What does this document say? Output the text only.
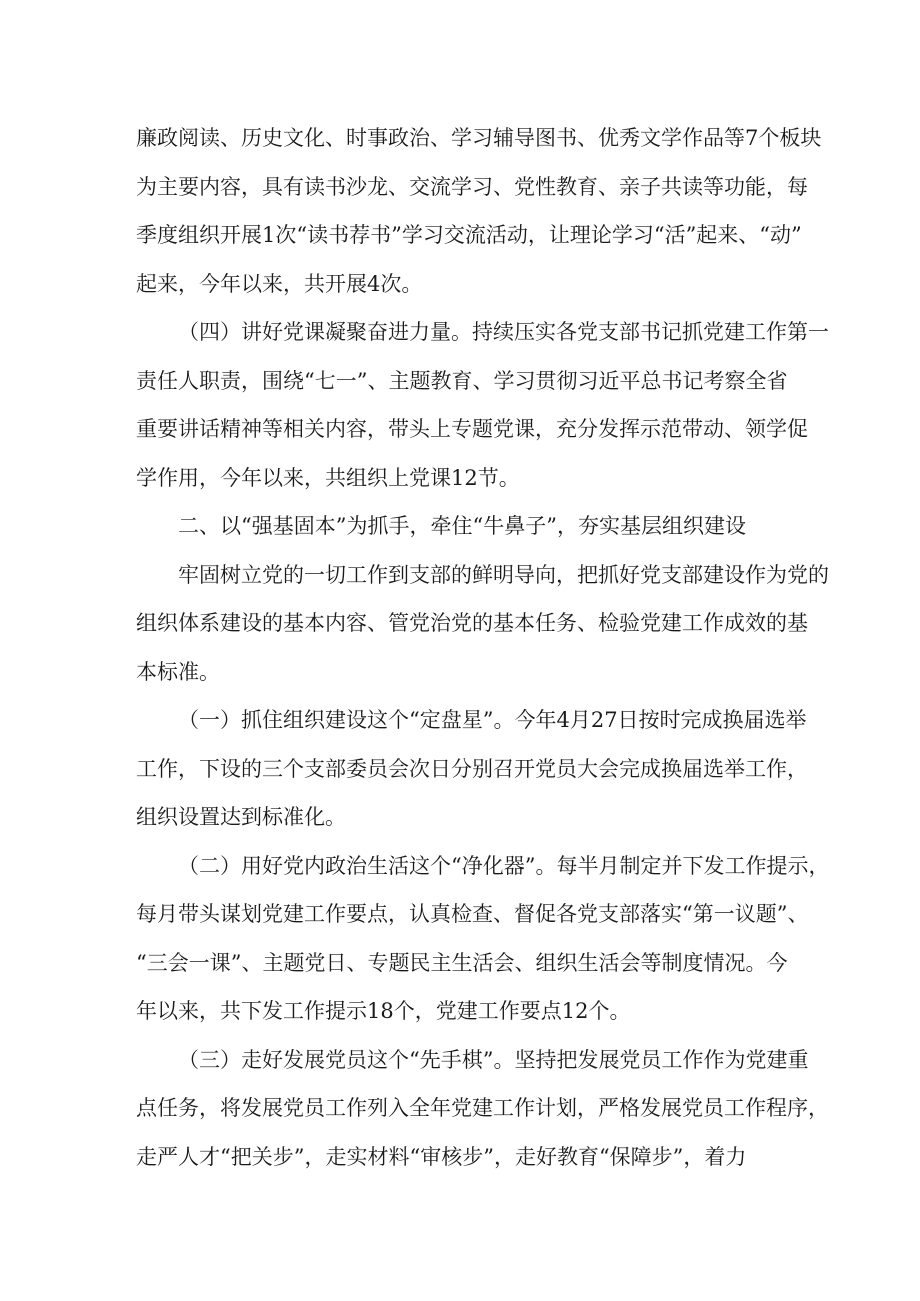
廉政阅读、历史文化、时事政治、学习辅导图书、优秀文学作品等7个板块
为主要内容，具有读书沙龙、交流学习、党性教育、亲子共读等功能，每
季度组织开展1次“读书荐书”学习交流活动，让理论学习“活”起来、“动”
起来，今年以来，共开展4次。
（四）讲好党课凝聚奋进力量。持续压实各党支部书记抓党建工作第一
责任人职责，围绕“七一”、主题教育、学习贯彻习近平总书记考察全省
重要讲话精神等相关内容，带头上专题党课，充分发挥示范带动、领学促
学作用，今年以来，共组织上党课12节。
二、以“强基固本”为抓手，牵住“牛鼻子”，夯实基层组织建设
牢固树立党的一切工作到支部的鲜明导向，把抓好党支部建设作为党的
组织体系建设的基本内容、管党治党的基本任务、检验党建工作成效的基
本标准。
（一）抓住组织建设这个“定盘星”。今年4月27日按时完成换届选举
工作，下设的三个支部委员会次日分别召开党员大会完成换届选举工作，
组织设置达到标准化。
（二）用好党内政治生活这个“净化器”。每半月制定并下发工作提示，
每月带头谋划党建工作要点，认真检查、督促各党支部落实“第一议题”、
“三会一课”、主题党日、专题民主生活会、组织生活会等制度情况。今
年以来，共下发工作提示18个，党建工作要点12个。
（三）走好发展党员这个“先手棋”。坚持把发展党员工作作为党建重
点任务，将发展党员工作列入全年党建工作计划，严格发展党员工作程序，
走严人才“把关步”，走实材料“审核步”，走好教育“保障步”，着力
